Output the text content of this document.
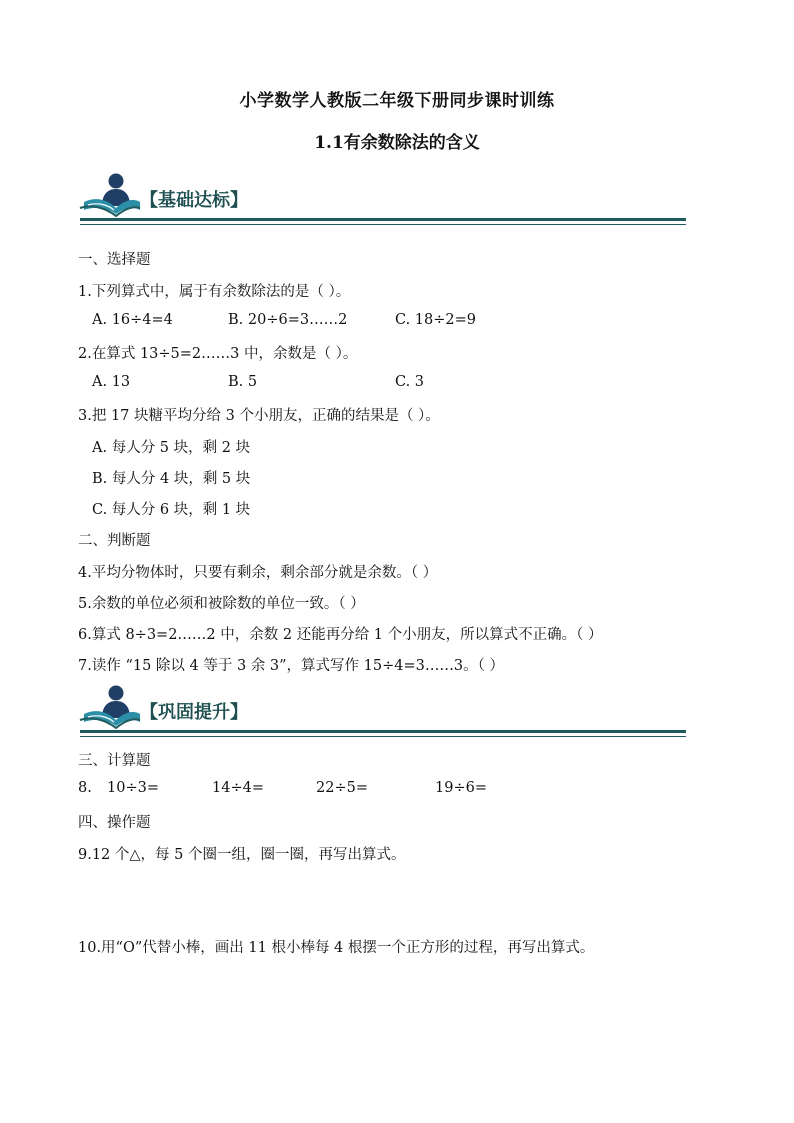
小学数学人教版二年级下册同步课时训练
1.1有余数除法的含义
【基础达标】
一、选择题
1.下列算式中，属于有余数除法的是（ ）。
A. 16÷4=4	B. 20÷6=3……2	C. 18÷2=9
2.在算式 13÷5=2……3 中，余数是（ ）。
A. 13	B. 5	C. 3
3.把 17 块糖平均分给 3 个小朋友，正确的结果是（ ）。
A. 每人分 5 块，剩 2 块
B. 每人分 4 块，剩 5 块
C. 每人分 6 块，剩 1 块
二、判断题
4.平均分物体时，只要有剩余，剩余部分就是余数。（ ）
5.余数的单位必须和被除数的单位一致。（ ）
6.算式 8÷3=2……2 中，余数 2 还能再分给 1 个小朋友，所以算式不正确。（ ）
7.读作 “15 除以 4 等于 3 余 3”，算式写作 15÷4=3……3。（ ）
【巩固提升】
三、计算题
8. 10÷3=	14÷4=	22÷5=	19÷6=
四、操作题
9.12 个△，每 5 个圈一组，圈一圈，再写出算式。
10.用“O”代替小棒，画出 11 根小棒每 4 根摆一个正方形的过程，再写出算式。
